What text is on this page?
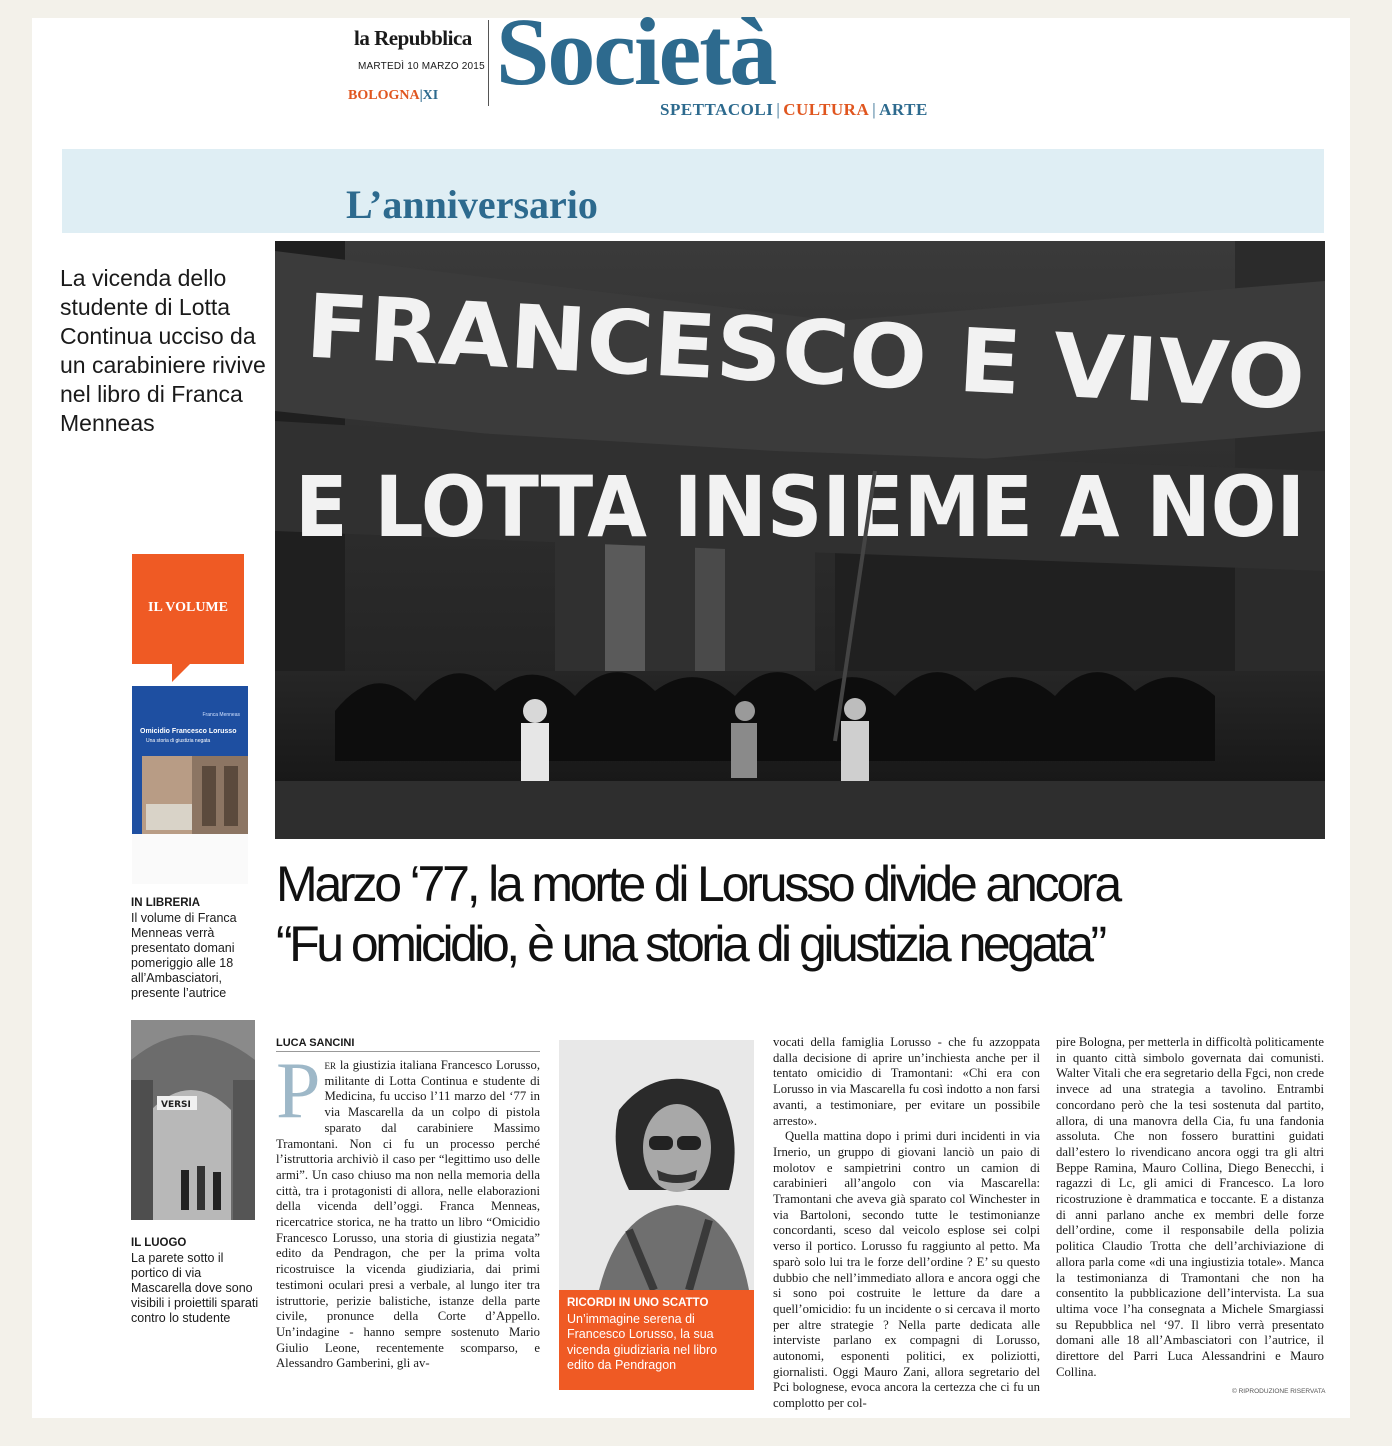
la Repubblica
MARTEDÌ 10 MARZO 2015
BOLOGNA|XI Società
SPETTACOLI | CULTURA | ARTE
L’anniversario
La vicenda dello studente di Lotta Continua ucciso da un carabiniere rivive nel libro di Franca Menneas	FRANCESCO E VIVO
E LOTTA INSIEME A NOI
IL VOLUME
Franca Menneas
Omicidio Francesco Lorusso
Una storia di giustizia negata
IN LIBRERIA
Il volume di Franca Menneas verrà presentato domani pomeriggio alle 18 all’Ambasciatori, presente l’autrice
VERSI
IL LUOGO
La parete sotto il portico di via Mascarella dove sono visibili i proiettili sparati contro lo studente
Marzo ‘77, la morte di Lorusso divide ancora
“Fu omicidio, è una storia di giustizia negata”
LUCA SANCINI

Per la giustizia italiana Francesco Lorusso, militante di Lotta Continua e studente di Medicina, fu ucciso l’11 marzo del ‘77 in via Mascarella da un colpo di pistola sparato dal carabiniere Massimo Tramontani. Non ci fu un processo perché l’istruttoria archiviò il caso per “legittimo uso delle armi”. Un caso chiuso ma non nella memoria della città, tra i protagonisti di allora, nelle elaborazioni della vicenda dell’oggi. Franca Menneas, ricercatrice storica, ne ha tratto un libro “Omicidio Francesco Lorusso, una storia di giustizia negata” edito da Pendragon, che per la prima volta ricostruisce la vicenda giudiziaria, dai primi testimoni oculari presi a verbale, al lungo iter tra istruttorie, perizie balistiche, istanze della parte civile, pronunce della Corte d’Appello. Un’indagine - hanno sempre sostenuto Mario Giulio Leone, recentemente scomparso, e Alessandro Gamberini, gli av-

RICORDI IN UNO SCATTO
Un’immagine serena di Francesco Lorusso, la sua vicenda giudiziaria nel libro edito da Pendragon

vocati della famiglia Lorusso - che fu azzoppata dalla decisione di aprire un’inchiesta anche per il tentato omicidio di Tramontani: «Chi era con Lorusso in via Mascarella fu così indotto a non farsi avanti, a testimoniare, per evitare un possibile arresto».

Quella mattina dopo i primi duri incidenti in via Irnerio, un gruppo di giovani lanciò un paio di molotov e sampietrini contro un camion di carabinieri all’angolo con via Mascarella: Tramontani che aveva già sparato col Winchester in via Bartoloni, secondo tutte le testimonianze concordanti, sceso dal veicolo esplose sei colpi verso il portico. Lorusso fu raggiunto al petto. Ma sparò solo lui tra le forze dell’ordine ? E’ su questo dubbio che nell’immediato allora e ancora oggi che si sono poi costruite le letture da dare a quell’omicidio: fu un incidente o si cercava il morto per altre strategie ? Nella parte dedicata alle interviste parlano ex compagni di Lorusso, autonomi, esponenti politici, ex poliziotti, giornalisti. Oggi Mauro Zani, allora segretario del Pci bolognese, evoca ancora la certezza che ci fu un complotto per col-

pire Bologna, per metterla in difficoltà politicamente in quanto città simbolo governata dai comunisti. Walter Vitali che era segretario della Fgci, non crede invece ad una strategia a tavolino. Entrambi concordano però che la tesi sostenuta dal partito, allora, di una manovra della Cia, fu una fandonia assoluta. Che non fossero burattini guidati dall’estero lo rivendicano ancora oggi tra gli altri Beppe Ramina, Mauro Collina, Diego Benecchi, i ragazzi di Lc, gli amici di Francesco. La loro ricostruzione è drammatica e toccante. E a distanza di anni parlano anche ex membri delle forze dell’ordine, come il responsabile della polizia politica Claudio Trotta che dell’archiviazione di allora parla come «di una ingiustizia totale». Manca la testimonianza di Tramontani che non ha consentito la pubblicazione dell’intervista. La sua ultima voce l’ha consegnata a Michele Smargiassi su Repubblica nel ‘97. Il libro verrà presentato domani alle 18 all’Ambasciatori con l’autrice, il direttore del Parri Luca Alessandrini e Mauro Collina.

© RIPRODUZIONE RISERVATA
